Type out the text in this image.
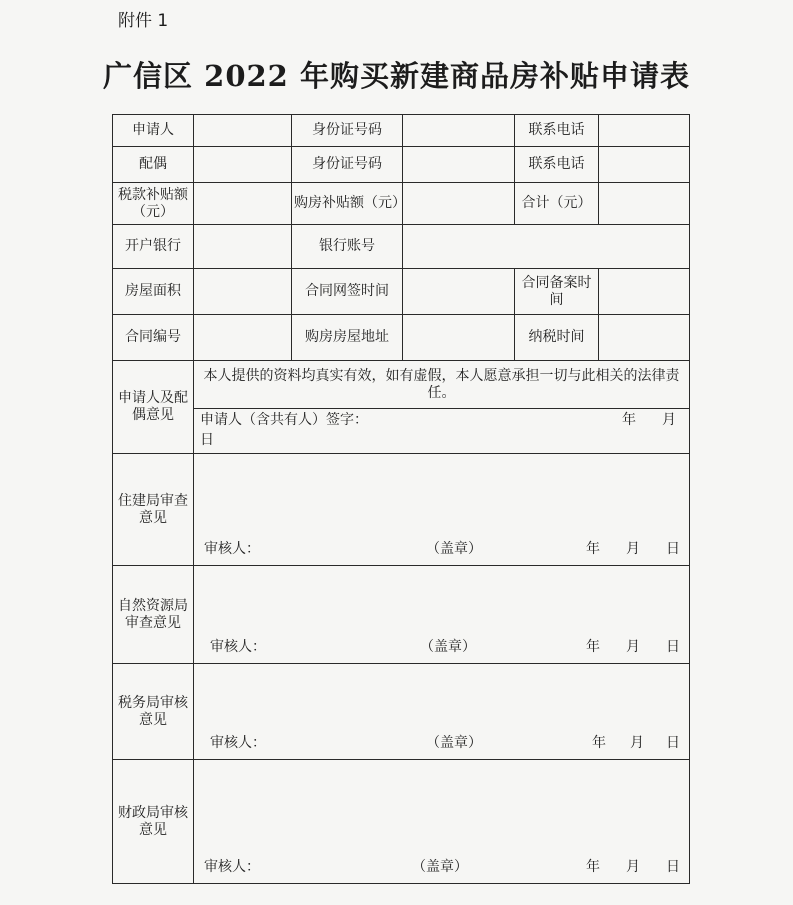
附件 1
广信区 2022 年购买新建商品房补贴申请表
申请人		身份证号码		联系电话	
配偶		身份证号码		联系电话	
税款补贴额（元）		购房补贴额（元）		合计（元）	
开户银行		银行账号			
房屋面积		合同网签时间		合同备案时间	
合同编号		购房房屋地址		纳税时间	
申请人及配偶意见	本人提供的资料均真实有效，如有虚假，本人愿意承担一切与此相关的法律责任。				

	申请人（含共有人）签字： 年 月
日				

住建局审查意见	审核人： （盖章） 年 月 日				

自然资源局审查意见	审核人： （盖章） 年 月 日				

税务局审核意见	审核人： （盖章） 年 月 日				

财政局审核意见	审核人： （盖章） 年 月 日				
